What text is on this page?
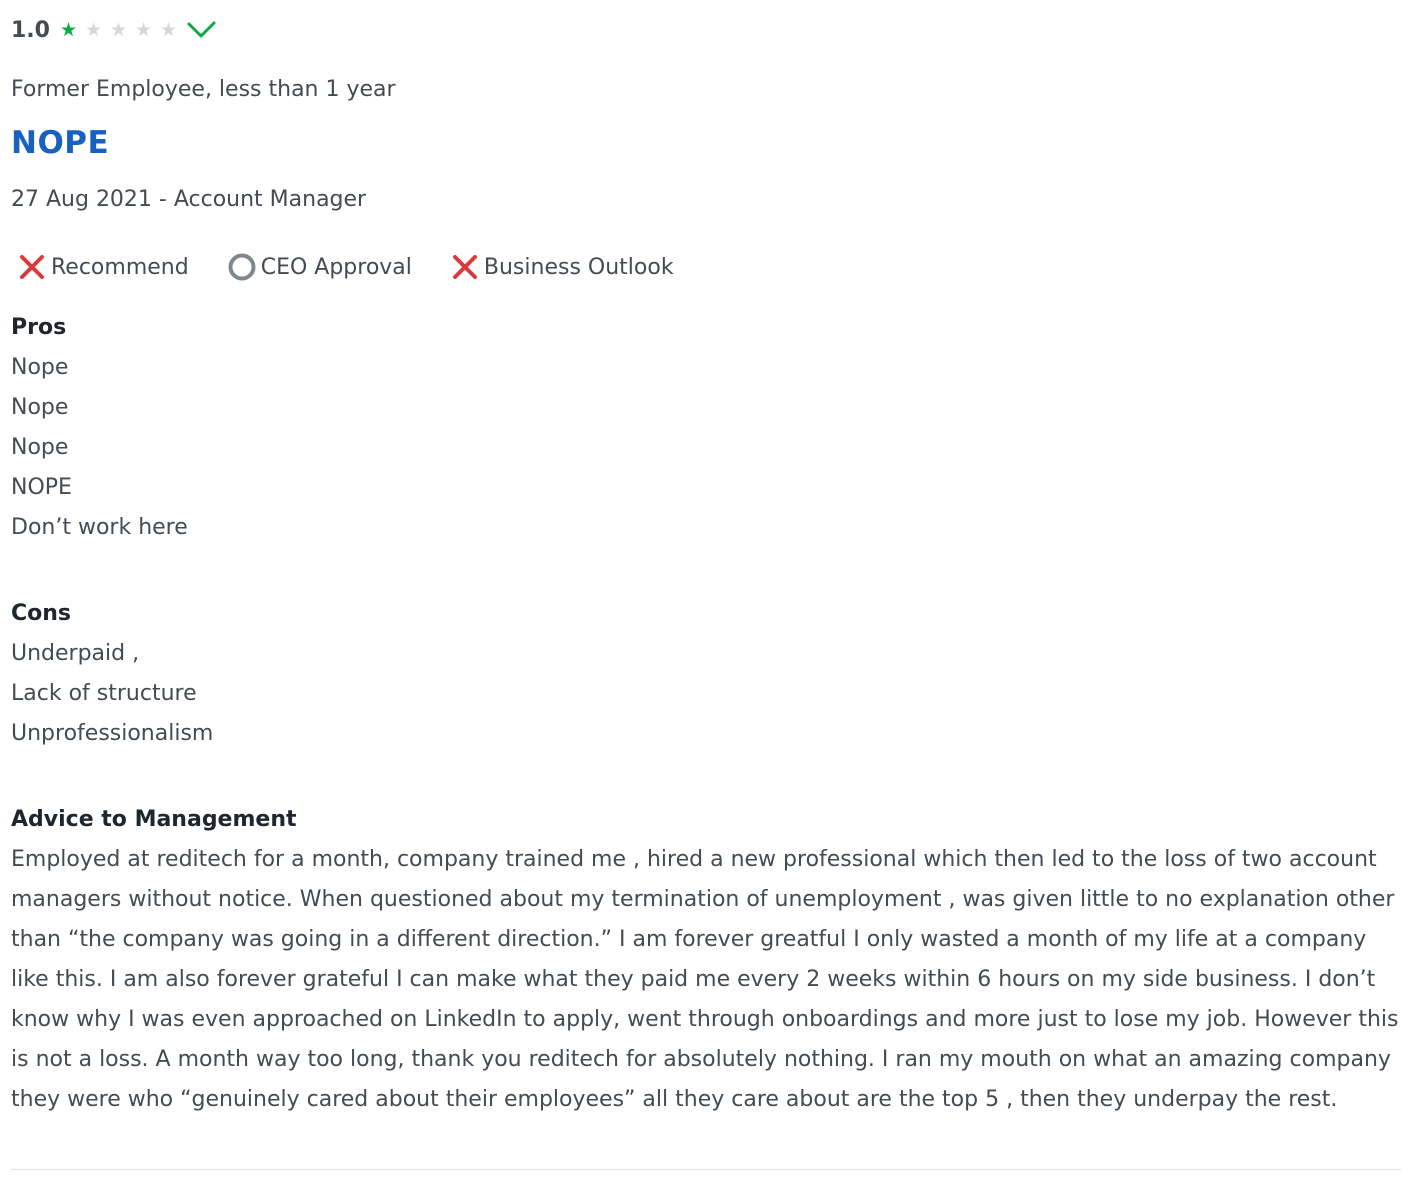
1.0 ★ ★ ★ ★ ★
Former Employee, less than 1 year
NOPE
27 Aug 2021 - Account Manager
Recommend	CEO Approval	Business Outlook
Pros
Nope
Nope
Nope
NOPE
Don’t work here
Cons
Underpaid ,
Lack of structure
Unprofessionalism
Advice to Management
Employed at reditech for a month, company trained me , hired a new professional which then led to the loss of two account managers without notice. When questioned about my termination of unemployment , was given little to no explanation other than “the company was going in a different direction.” I am forever greatful I only wasted a month of my life at a company like this. I am also forever grateful I can make what they paid me every 2 weeks within 6 hours on my side business. I don’t know why I was even approached on LinkedIn to apply, went through onboardings and more just to lose my job. However this is not a loss. A month way too long, thank you reditech for absolutely nothing. I ran my mouth on what an amazing company they were who “genuinely cared about their employees” all they care about are the top 5 , then they underpay the rest.
